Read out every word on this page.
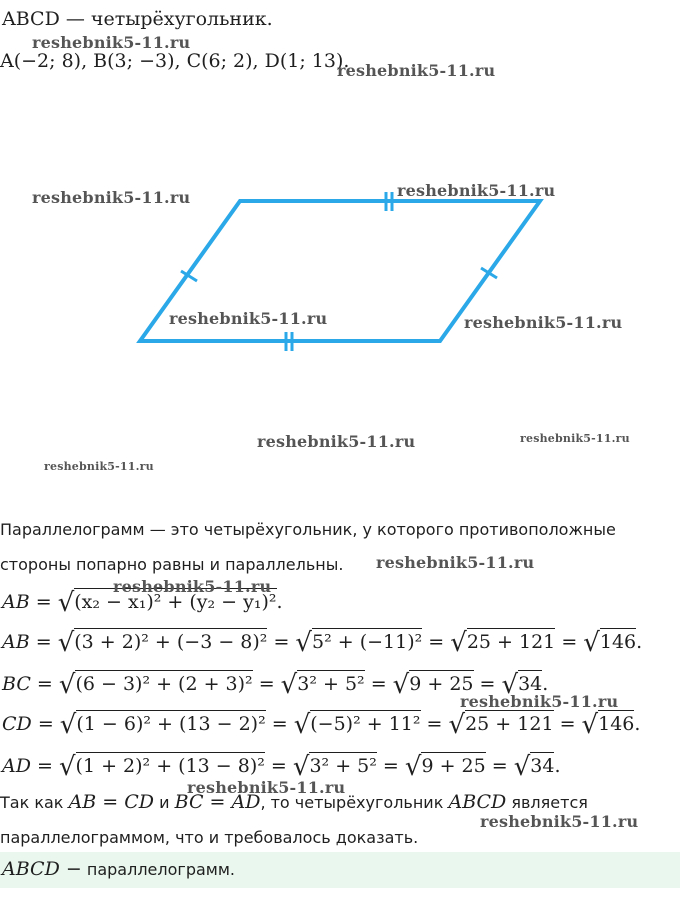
ABCD — четырёхугольник.
A(−2; 8), B(3; −3), C(6; 2), D(1; 13).
Параллелограмм — это четырёхугольник, у которого противоположные
стороны попарно равны и параллельны.
AB = √(x₂ − x₁)² + (y₂ − y₁)².
AB = √(3 + 2)² + (−3 − 8)² = √5² + (−11)² = √25 + 121 = √146.
BC = √(6 − 3)² + (2 + 3)² = √3² + 5² = √9 + 25 = √34.
CD = √(1 − 6)² + (13 − 2)² = √(−5)² + 11² = √25 + 121 = √146.
AD = √(1 + 2)² + (13 − 8)² = √3² + 5² = √9 + 25 = √34.
Так как AB = CD и BC = AD, то четырёхугольник ABCD является
параллелограммом, что и требовалось доказать.
ABCD − параллелограмм.
reshebnik5-11.ru
reshebnik5-11.ru
reshebnik5-11.ru	reshebnik5-11.ru
reshebnik5-11.ru	reshebnik5-11.ru
reshebnik5-11.ru	reshebnik5-11.ru
reshebnik5-11.ru
reshebnik5-11.ru
reshebnik5-11.ru
reshebnik5-11.ru
reshebnik5-11.ru
reshebnik5-11.ru
